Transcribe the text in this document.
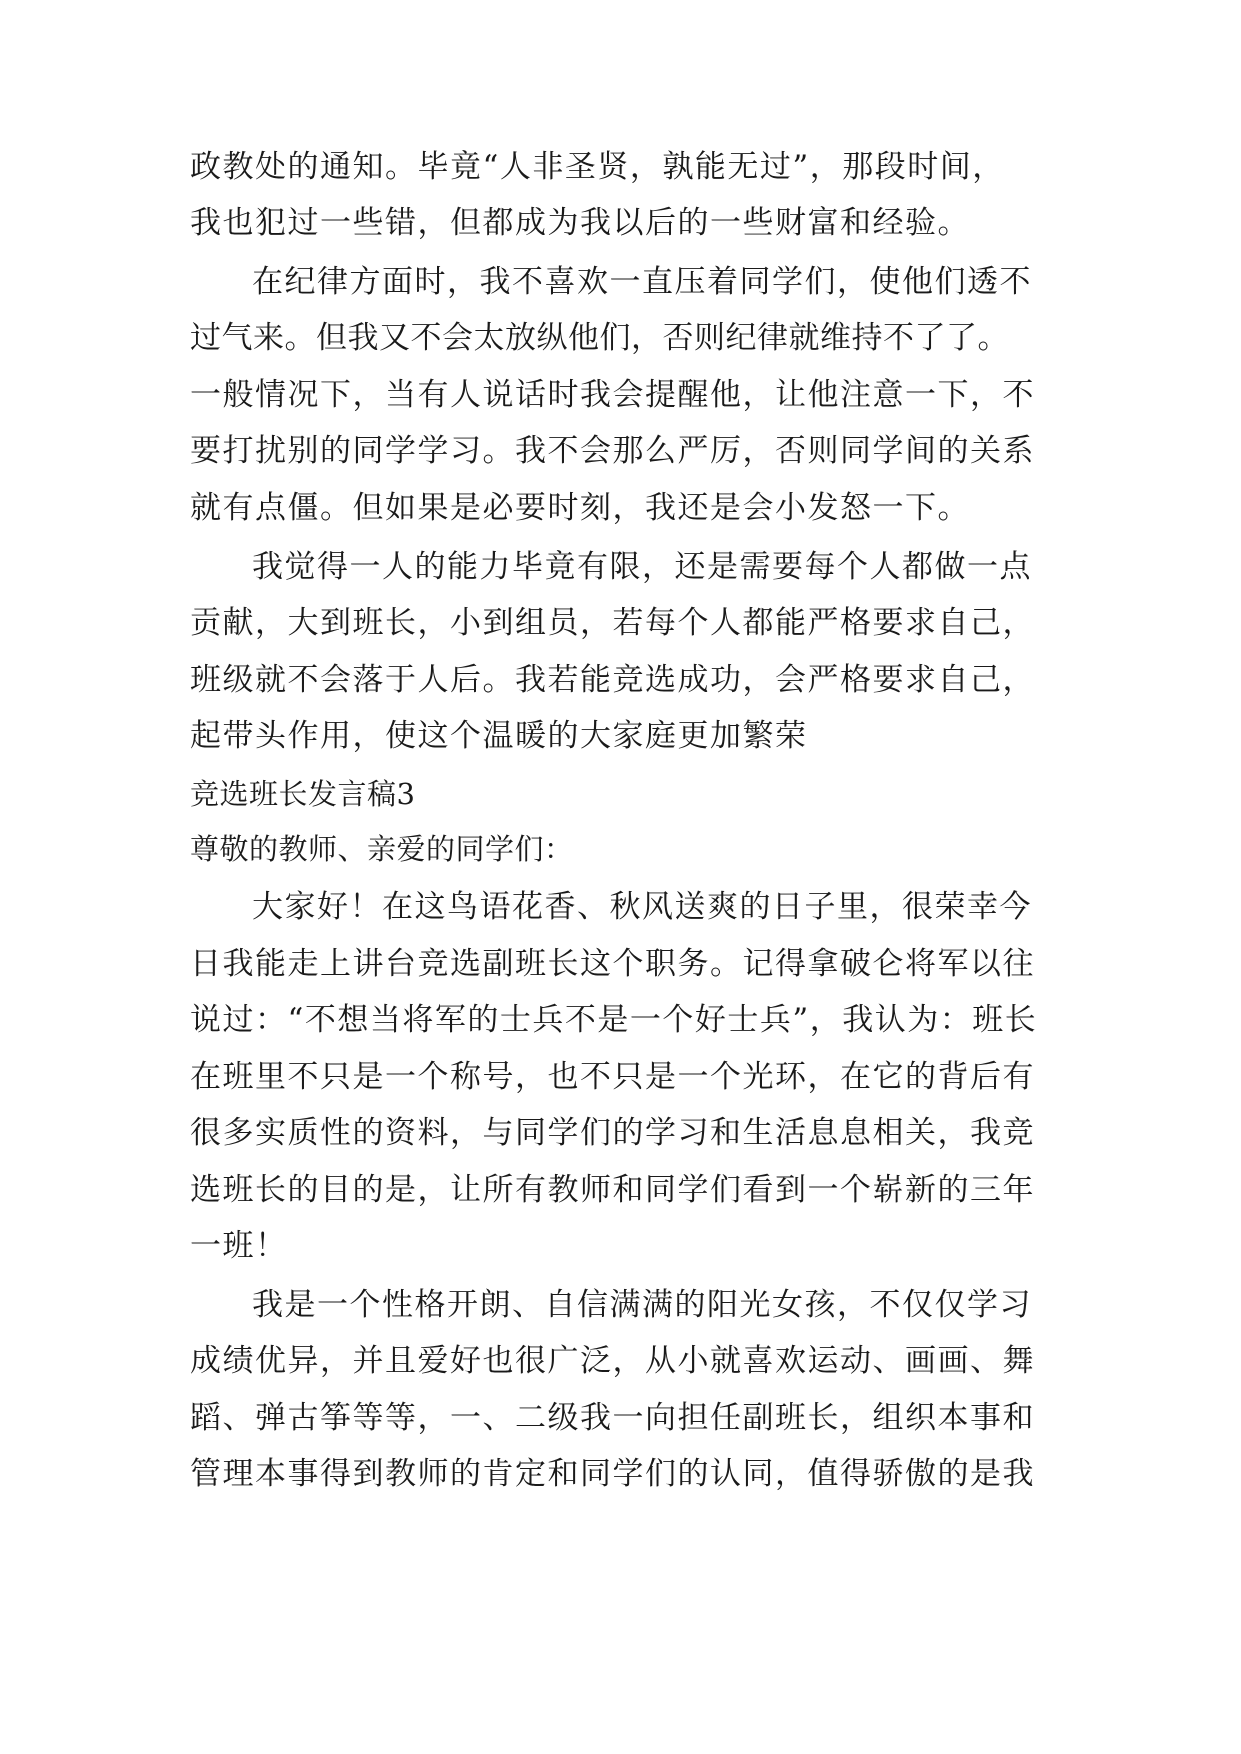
政教处的通知。毕竟“人非圣贤，孰能无过”，那段时间，
我也犯过一些错，但都成为我以后的一些财富和经验。
在纪律方面时，我不喜欢一直压着同学们，使他们透不
过气来。但我又不会太放纵他们，否则纪律就维持不了了。
一般情况下，当有人说话时我会提醒他，让他注意一下，不
要打扰别的同学学习。我不会那么严厉，否则同学间的关系
就有点僵。但如果是必要时刻，我还是会小发怒一下。
我觉得一人的能力毕竟有限，还是需要每个人都做一点
贡献，大到班长，小到组员，若每个人都能严格要求自己，
班级就不会落于人后。我若能竞选成功，会严格要求自己，
起带头作用，使这个温暖的大家庭更加繁荣
竞选班长发言稿3
尊敬的教师、亲爱的同学们：
大家好！在这鸟语花香、秋风送爽的日子里，很荣幸今
日我能走上讲台竞选副班长这个职务。记得拿破仑将军以往
说过：“不想当将军的士兵不是一个好士兵”，我认为：班长
在班里不只是一个称号，也不只是一个光环，在它的背后有
很多实质性的资料，与同学们的学习和生活息息相关，我竞
选班长的目的是，让所有教师和同学们看到一个崭新的三年
一班！
我是一个性格开朗、自信满满的阳光女孩，不仅仅学习
成绩优异，并且爱好也很广泛，从小就喜欢运动、画画、舞
蹈、弹古筝等等，一、二级我一向担任副班长，组织本事和
管理本事得到教师的肯定和同学们的认同，值得骄傲的是我
